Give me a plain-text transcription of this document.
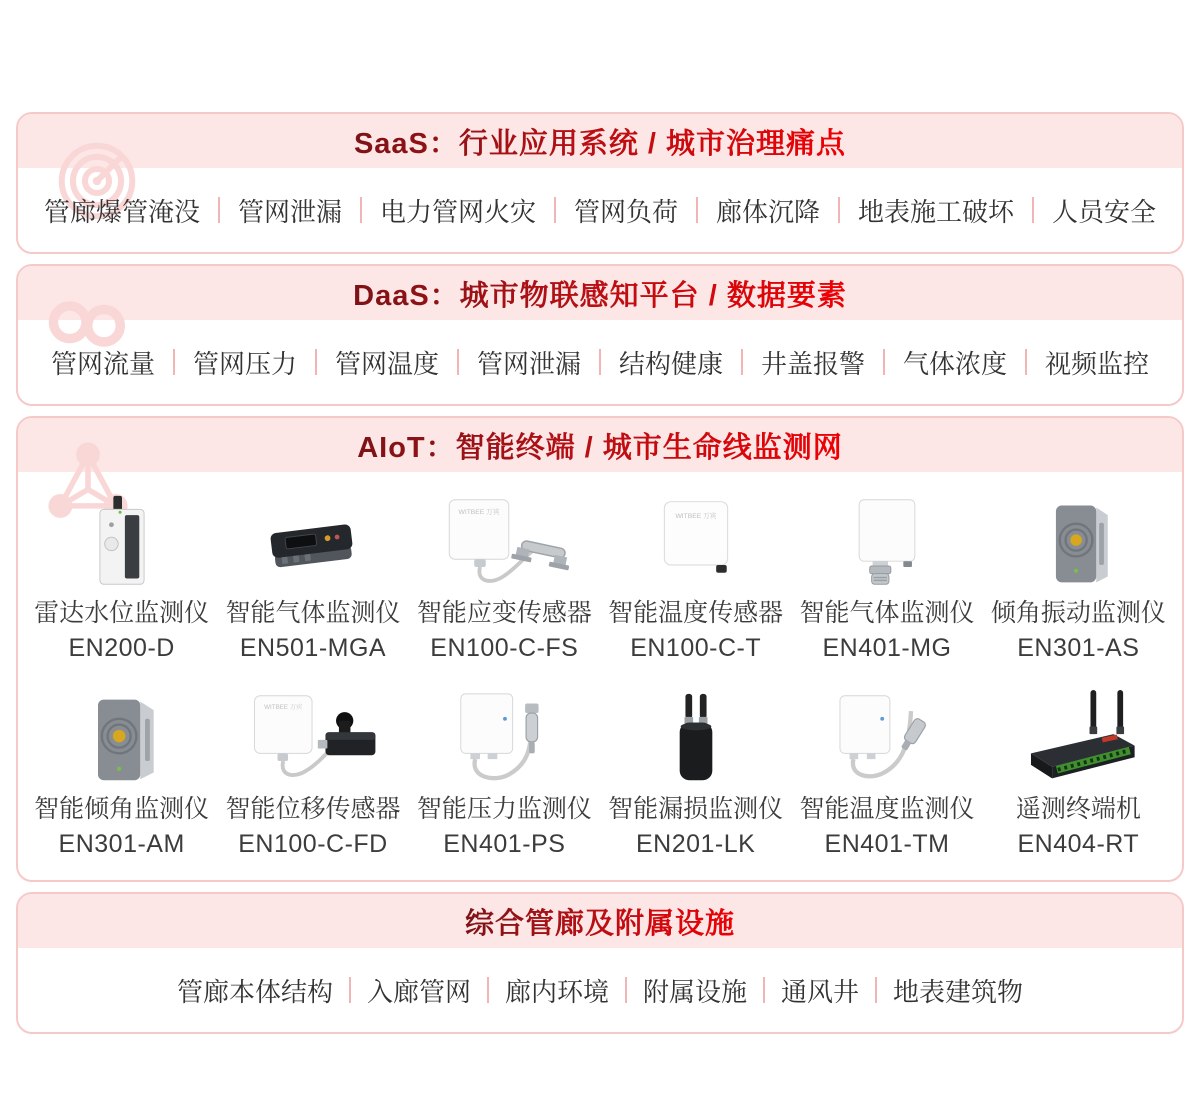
SaaS：行业应用系统 / 城市治理痛点
管廊爆管淹没	管网泄漏	电力管网火灾	管网负荷	廊体沉降	地表施工破坏	人员安全
DaaS：城市物联感知平台 / 数据要素
管网流量	管网压力	管网温度	管网泄漏	结构健康	井盖报警	气体浓度	视频监控
AIoT：智能终端 / 城市生命线监测网
雷达水位监测仪
EN200-D
智能气体监测仪
EN501-MGA
WITBEE 万宾
智能应变传感器
EN100-C-FS
WITBEE 万宾
智能温度传感器
EN100-C-T
智能气体监测仪
EN401-MG
倾角振动监测仪
EN301-AS
智能倾角监测仪
EN301-AM
WITBEE 万宾
智能位移传感器
EN100-C-FD
智能压力监测仪
EN401-PS
智能漏损监测仪
EN201-LK
智能温度监测仪
EN401-TM
遥测终端机
EN404-RT
综合管廊及附属设施
管廊本体结构	入廊管网	廊内环境	附属设施	通风井	地表建筑物
